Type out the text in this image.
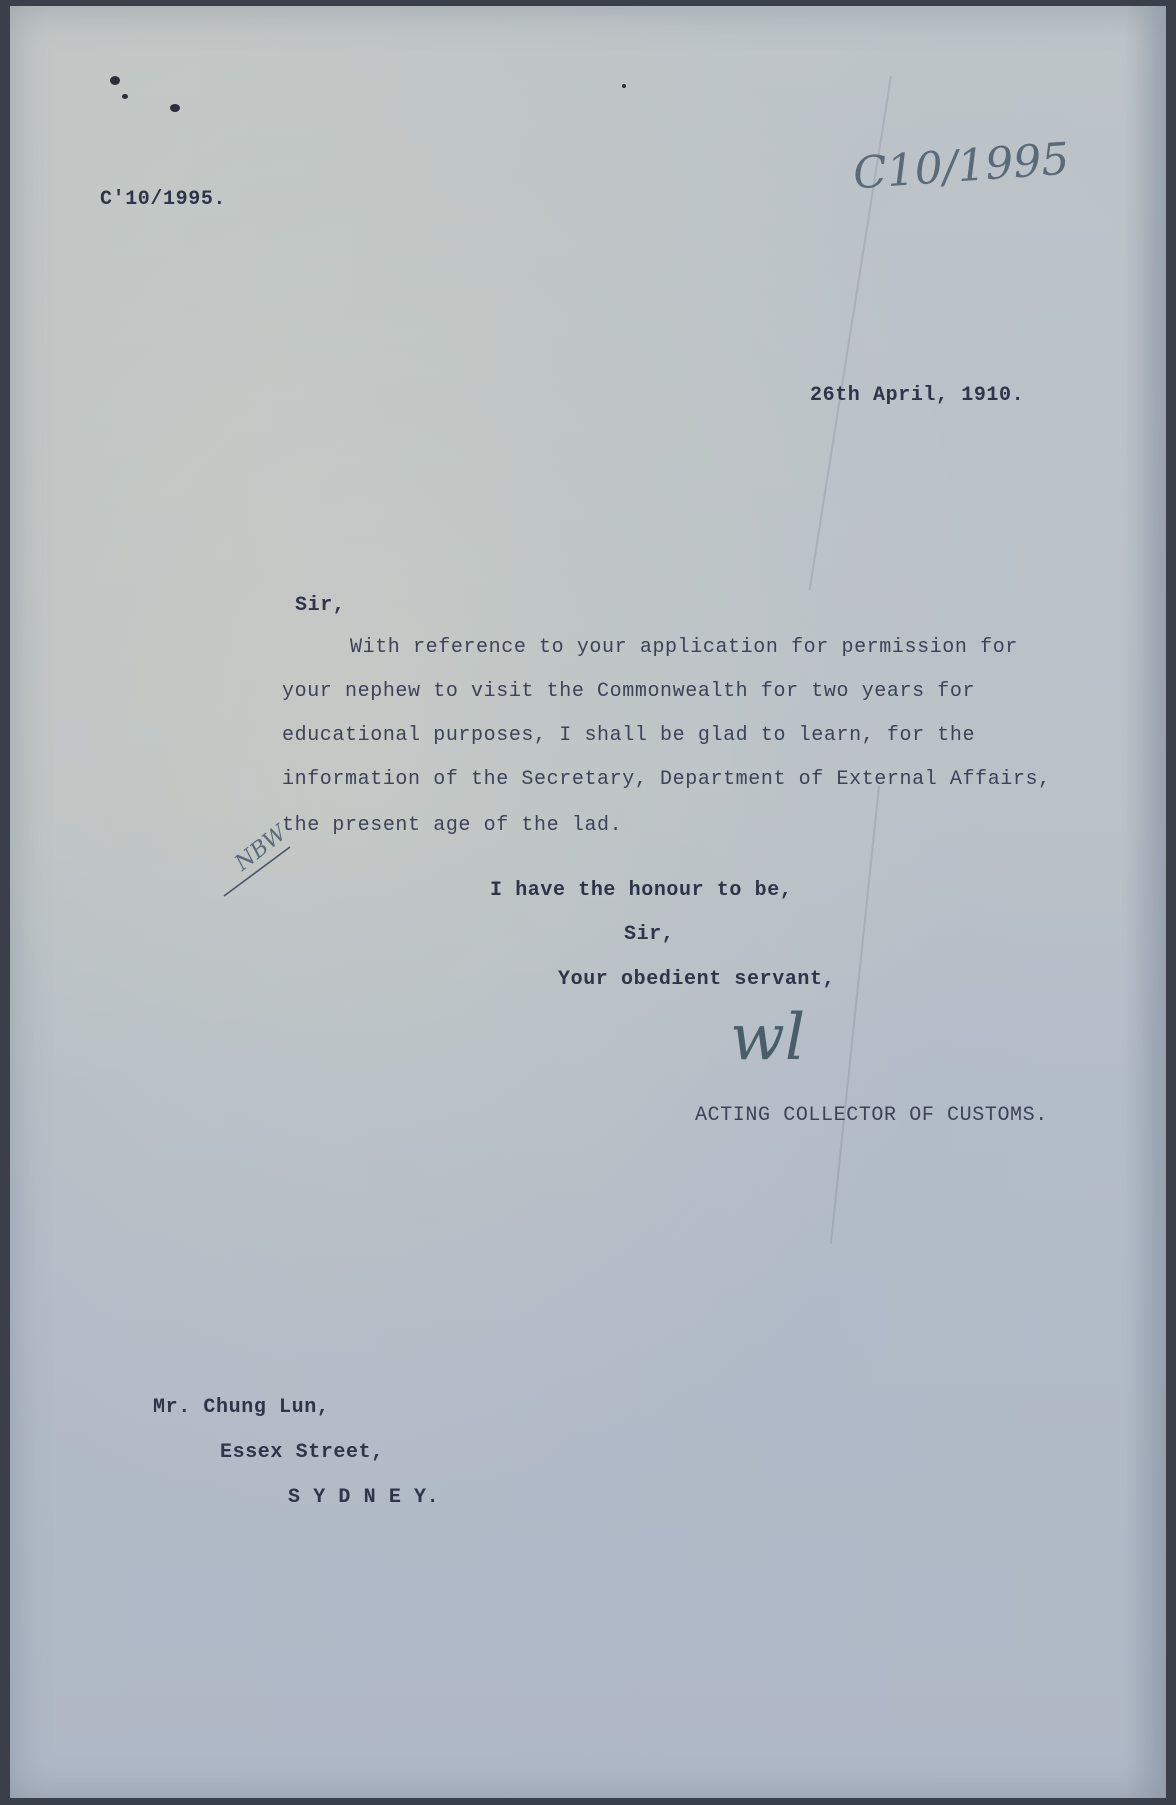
C'10/1995.
C10/1995
26th April, 1910.
Sir,
With reference to your application for permission for
your nephew to visit the Commonwealth for two years for
educational purposes, I shall be glad to learn, for the
information of the Secretary, Department of External Affairs,
the present age of the lad.
NBW
I have the honour to be,
Sir,
Your obedient servant,
wl
ACTING COLLECTOR OF CUSTOMS.
Mr. Chung Lun,
Essex Street,
S Y D N E Y.
